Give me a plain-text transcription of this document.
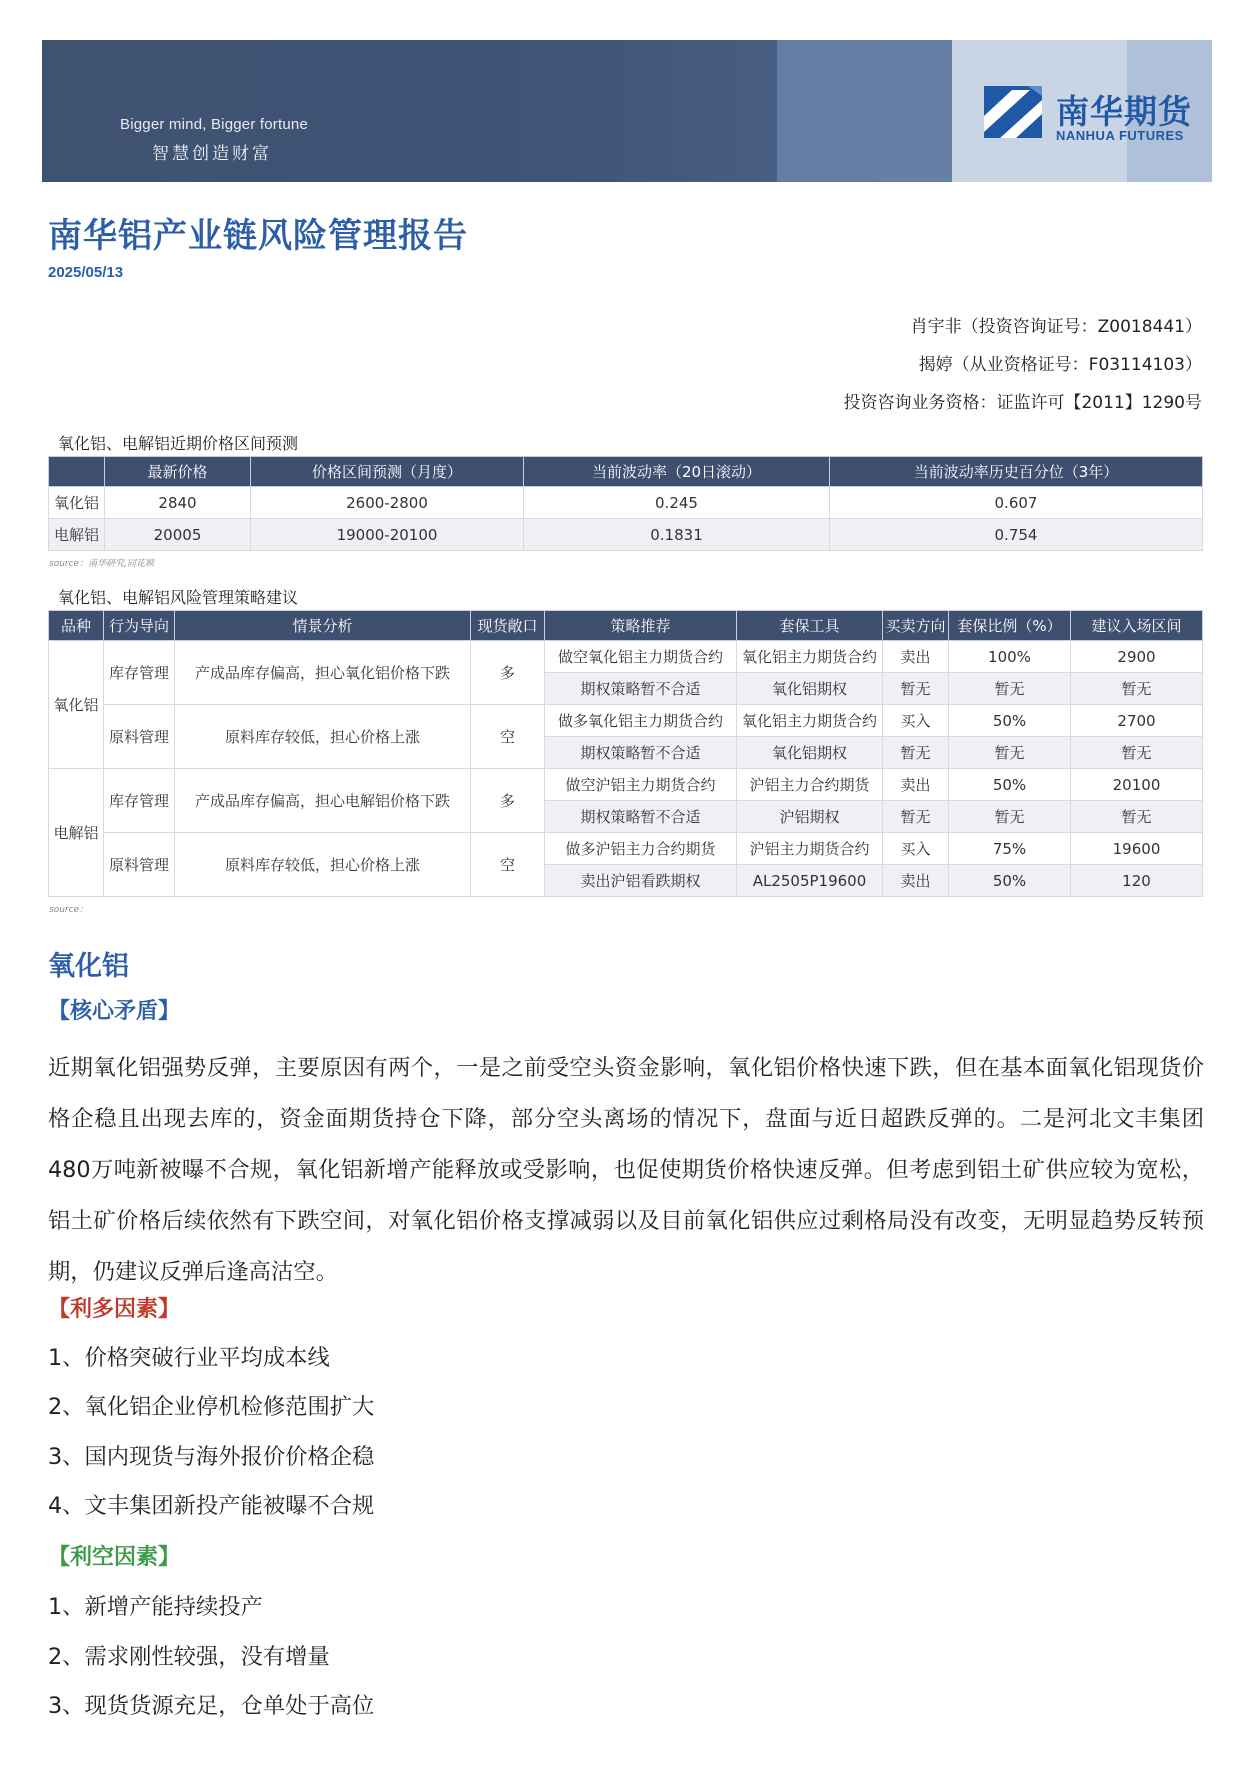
Bigger mind, Bigger fortune
智慧创造财富
南华期货
NANHUA FUTURES
南华铝产业链风险管理报告
2025/05/13
肖宇非（投资咨询证号：Z0018441）
揭婷（从业资格证号：F03114103）
投资咨询业务资格：证监许可【2011】1290号
氧化铝、电解铝近期价格区间预测
	最新价格	价格区间预测（月度）	当前波动率（20日滚动）	当前波动率历史百分位（3年）
氧化铝	2840	2600-2800	0.245	0.607
电解铝	20005	19000-20100	0.1831	0.754
source：南华研究,同花顺
氧化铝、电解铝风险管理策略建议
品种	行为导向	情景分析	现货敞口	策略推荐	套保工具	买卖方向	套保比例（%）	建议入场区间
氧化铝	库存管理	产成品库存偏高，担心氧化铝价格下跌	多	做空氧化铝主力期货合约	氧化铝主力期货合约	卖出	100%	2900
				期权策略暂不合适	氧化铝期权	暂无	暂无	暂无
	原料管理	原料库存较低，担心价格上涨	空	做多氧化铝主力期货合约	氧化铝主力期货合约	买入	50%	2700
				期权策略暂不合适	氧化铝期权	暂无	暂无	暂无
电解铝	库存管理	产成品库存偏高，担心电解铝价格下跌	多	做空沪铝主力期货合约	沪铝主力合约期货	卖出	50%	20100
				期权策略暂不合适	沪铝期权	暂无	暂无	暂无
	原料管理	原料库存较低，担心价格上涨	空	做多沪铝主力合约期货	沪铝主力期货合约	买入	75%	19600
				卖出沪铝看跌期权	AL2505P19600	卖出	50%	120
source：
氧化铝
【核心矛盾】
近期氧化铝强势反弹，主要原因有两个，一是之前受空头资金影响，氧化铝价格快速下跌，但在基本面氧化铝现货价格企稳且出现去库的，资金面期货持仓下降，部分空头离场的情况下，盘面与近日超跌反弹的。二是河北文丰集团480万吨新被曝不合规，氧化铝新增产能释放或受影响，也促使期货价格快速反弹。但考虑到铝土矿供应较为宽松，铝土矿价格后续依然有下跌空间，对氧化铝价格支撑减弱以及目前氧化铝供应过剩格局没有改变，无明显趋势反转预期，仍建议反弹后逢高沽空。
【利多因素】
1、价格突破行业平均成本线
2、氧化铝企业停机检修范围扩大
3、国内现货与海外报价价格企稳
4、文丰集团新投产能被曝不合规
【利空因素】
1、新增产能持续投产
2、需求刚性较强，没有增量
3、现货货源充足，仓单处于高位
